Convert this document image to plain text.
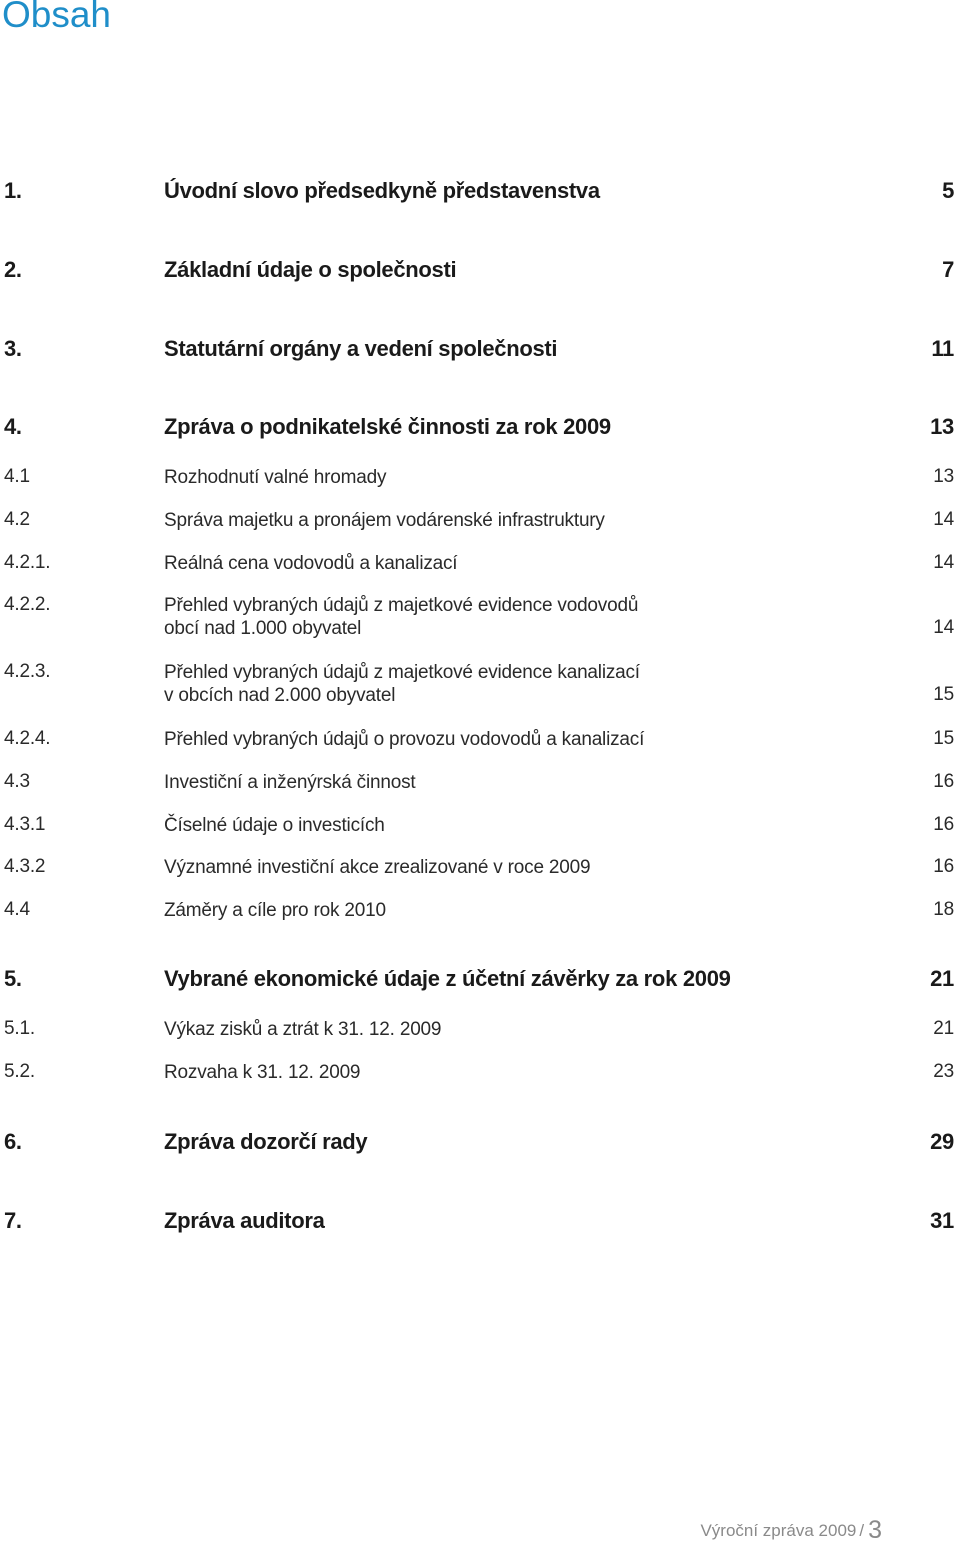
Obsah
1.	Úvodní slovo předsedkyně představenstva	5
2.	Základní údaje o společnosti	7
3.	Statutární orgány a vedení společnosti	11
4.	Zpráva o podnikatelské činnosti za rok 2009	13
4.1	Rozhodnutí valné hromady	13
4.2	Správa majetku a pronájem vodárenské infrastruktury	14
4.2.1.	Reálná cena vodovodů a kanalizací	14
4.2.2.	Přehled vybraných údajů z majetkové evidence vodovodů
obcí nad 1.000 obyvatel	14
4.2.3.	Přehled vybraných údajů z majetkové evidence kanalizací
v obcích nad 2.000 obyvatel	15
4.2.4.	Přehled vybraných údajů o provozu vodovodů a kanalizací	15
4.3	Investiční a inženýrská činnost	16
4.3.1	Číselné údaje o investicích	16
4.3.2	Významné investiční akce zrealizované v roce 2009	16
4.4	Záměry a cíle pro rok 2010	18
5.	Vybrané ekonomické údaje z účetní závěrky za rok 2009	21
5.1.	Výkaz zisků a ztrát k 31. 12. 2009	21
5.2.	Rozvaha k 31. 12. 2009	23
6.	Zpráva dozorčí rady	29
7.	Zpráva auditora	31
Výroční zpráva 2009 / 3
